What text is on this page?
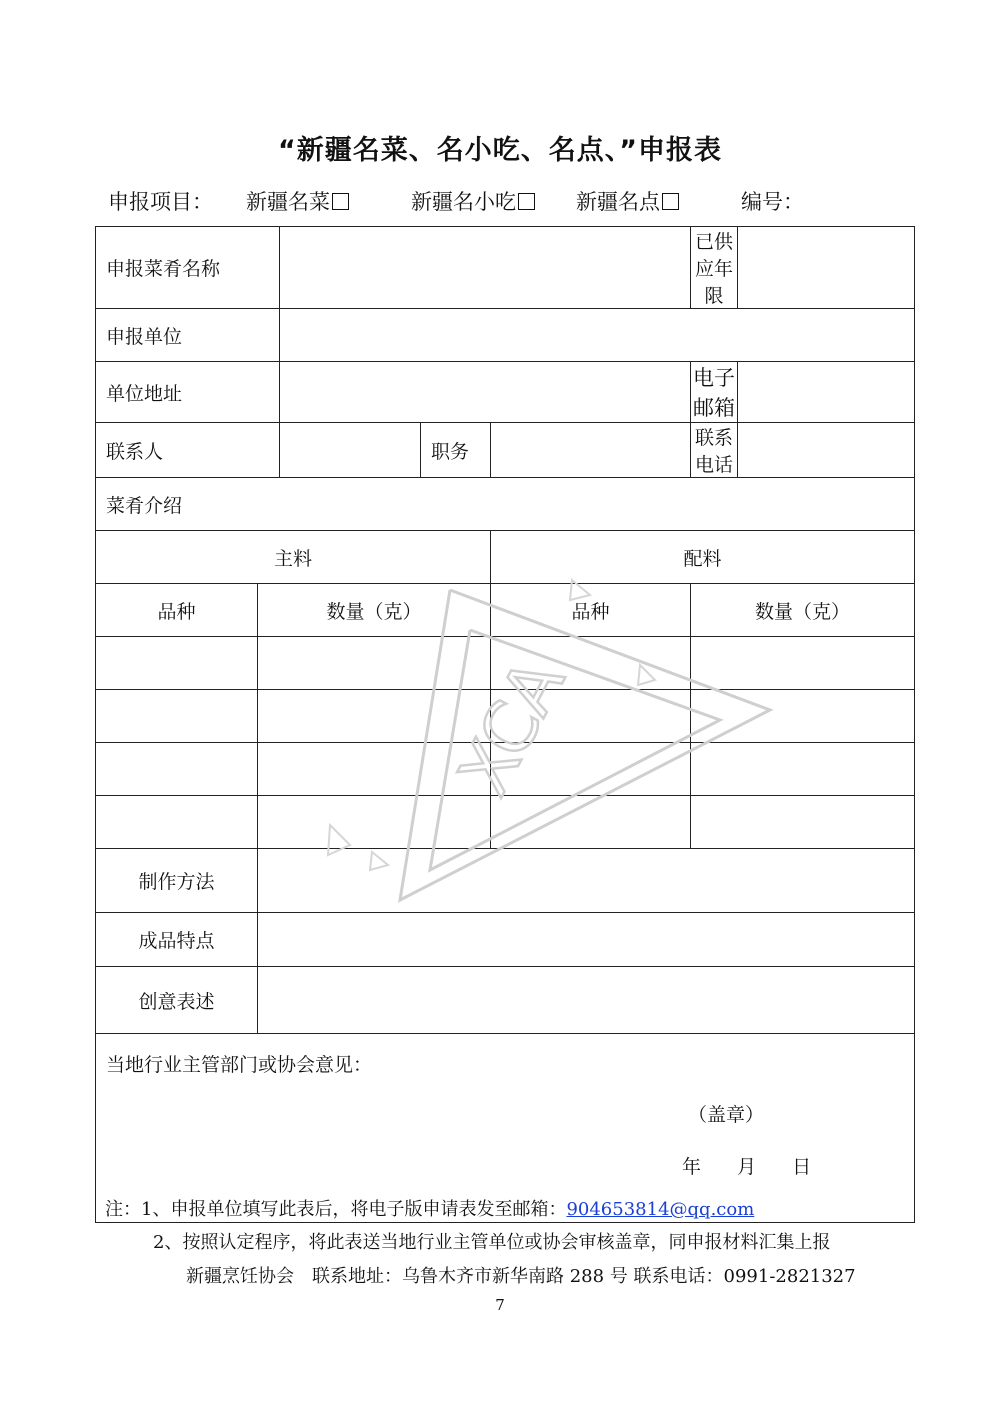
“新疆名菜、名小吃、名点、”申报表
申报项目： 新疆名菜	新疆名小吃	新疆名点	编号：
申报菜肴名称					已供应年限	
申报单位						
单位地址					电子邮箱	
联系人			职务		联系电话	
菜肴介绍						
主料				配料		
品种	数量（克）			品种	数量（克）	

制作方法						
成品特点						
创意表述						

当地行业主管部门或协会意见：
（盖章）
年 月 日						
XCA
注：1、申报单位填写此表后，将电子版申请表发至邮箱：904653814@qq.com
2、按照认定程序，将此表送当地行业主管单位或协会审核盖章，同申报材料汇集上报
新疆烹饪协会　联系地址：乌鲁木齐市新华南路 288 号 联系电话：0991-2821327
7
